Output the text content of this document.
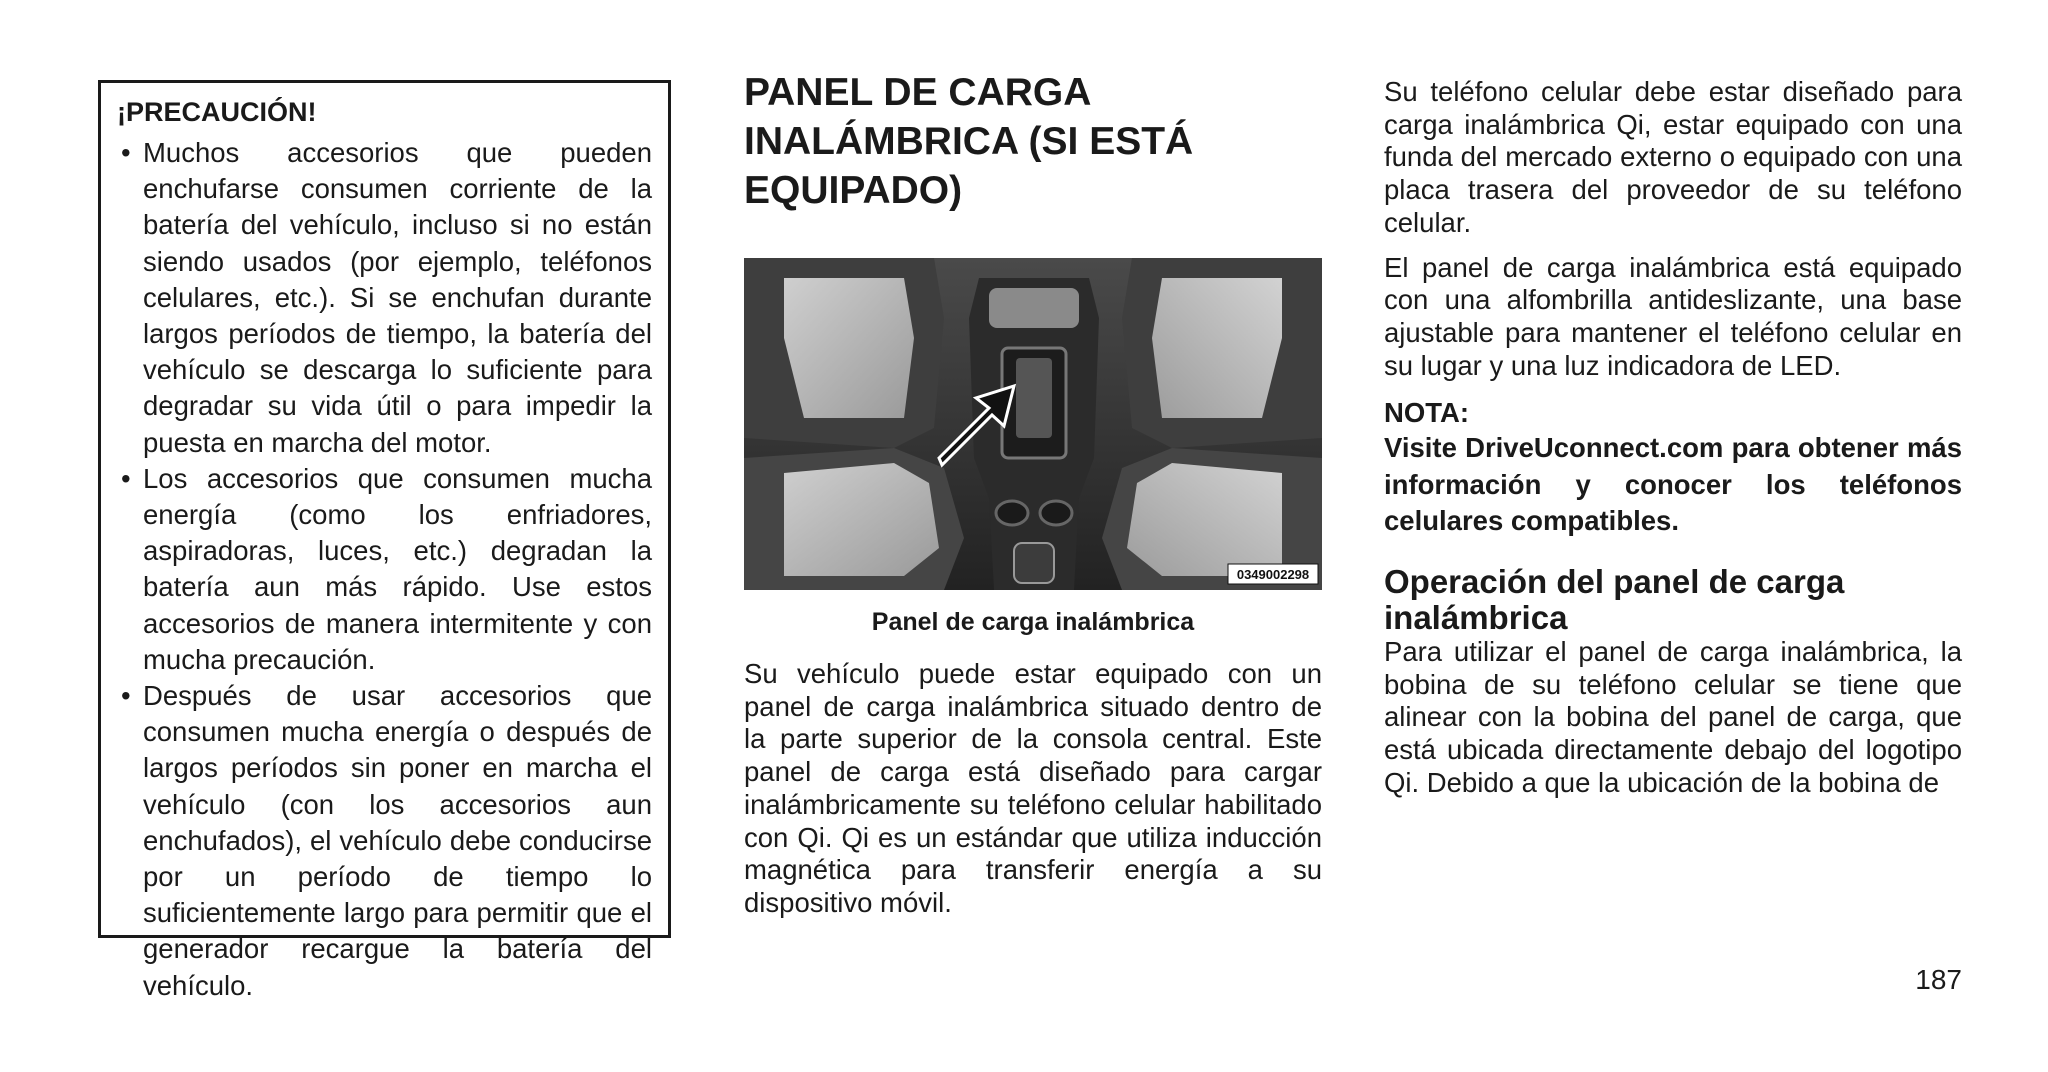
¡PRECAUCIÓN!
• Muchos accesorios que pueden enchufarse consumen corriente de la batería del vehículo, incluso si no están siendo usados (por ejemplo, teléfonos celulares, etc.). Si se enchufan durante largos períodos de tiempo, la batería del vehículo se descarga lo suficiente para degradar su vida útil o para impedir la puesta en marcha del motor.
• Los accesorios que consumen mucha energía (como los enfriadores, aspiradoras, luces, etc.) degradan la batería aun más rápido. Use estos accesorios de manera intermitente y con mucha precaución.
• Después de usar accesorios que consumen mucha energía o después de largos períodos sin poner en marcha el vehículo (con los accesorios aun enchufados), el vehículo debe conducirse por un período de tiempo lo suficientemente largo para permitir que el generador recargue la batería del vehículo.
PANEL DE CARGA
INALÁMBRICA (SI ESTÁ
EQUIPADO)
0349002298
Panel de carga inalámbrica

Su vehículo puede estar equipado con un panel de carga inalámbrica situado dentro de la parte superior de la consola central. Este panel de carga está diseñado para cargar inalámbricamente su teléfono celular habilitado con Qi. Qi es un estándar que utiliza inducción magnética para transferir energía a su dispositivo móvil.

Su teléfono celular debe estar diseñado para carga inalámbrica Qi, estar equipado con una funda del mercado externo o equipado con una placa trasera del proveedor de su teléfono celular.

El panel de carga inalámbrica está equipado con una alfombrilla antideslizante, una base ajustable para mantener el teléfono celular en su lugar y una luz indicadora de LED.

NOTA:

Visite DriveUconnect.com para obtener más información y conocer los teléfonos celulares compatibles.

Operación del panel de carga
inalámbrica

Para utilizar el panel de carga inalámbrica, la bobina de su teléfono celular se tiene que alinear con la bobina del panel de carga, que está ubicada directamente debajo del logotipo Qi. Debido a que la ubicación de la bobina de

187
